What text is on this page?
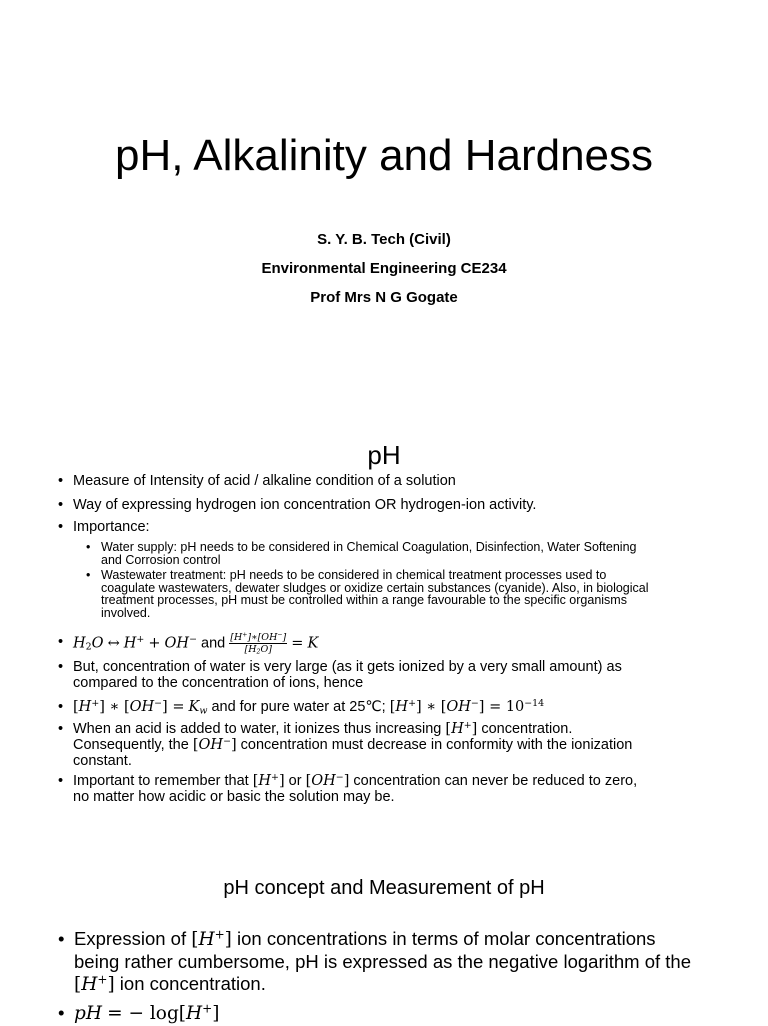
pH, Alkalinity and Hardness
S. Y. B. Tech (Civil)
Environmental Engineering CE234
Prof Mrs N G Gogate
pH
• Measure of Intensity of acid / alkaline condition of a solution
• Way of expressing hydrogen ion concentration OR hydrogen-ion activity.
• Importance:
• Water supply: pH needs to be considered in Chemical Coagulation, Disinfection, Water Softening
and Corrosion control
• Wastewater treatment: pH needs to be considered in chemical treatment processes used to
coagulate wastewaters, dewater sludges or oxidize certain substances (cyanide). Also, in biological
treatment processes, pH must be controlled within a range favourable to the specific organisms
involved.
• $H_2O$ ↔ H+ + OH− and $\frac{[H^+]∗[OH^-]}{[H_2O]} = K$
• But, concentration of water is very large (as it gets ionized by a very small amount) as
compared to the concentration of ions, hence
• [H+] ∗ $[OH^-] = K_w$ and for pure water at 25℃; [H+] ∗ $[OH^-] = 10^{-14}$
• When an acid is added to water, it ionizes thus increasing [H+] concentration.
Consequently, the [OH−] concentration must decrease in conformity with the ionization
constant.
• Important to remember that [H+] or [OH−] concentration can never be reduced to zero,
no matter how acidic or basic the solution may be.
pH concept and Measurement of pH
• Expression of [H+] ion concentrations in terms of molar concentrations
being rather cumbersome, pH is expressed as the negative logarithm of the
[H+] ion concentration.
• pH = − log[H+]
